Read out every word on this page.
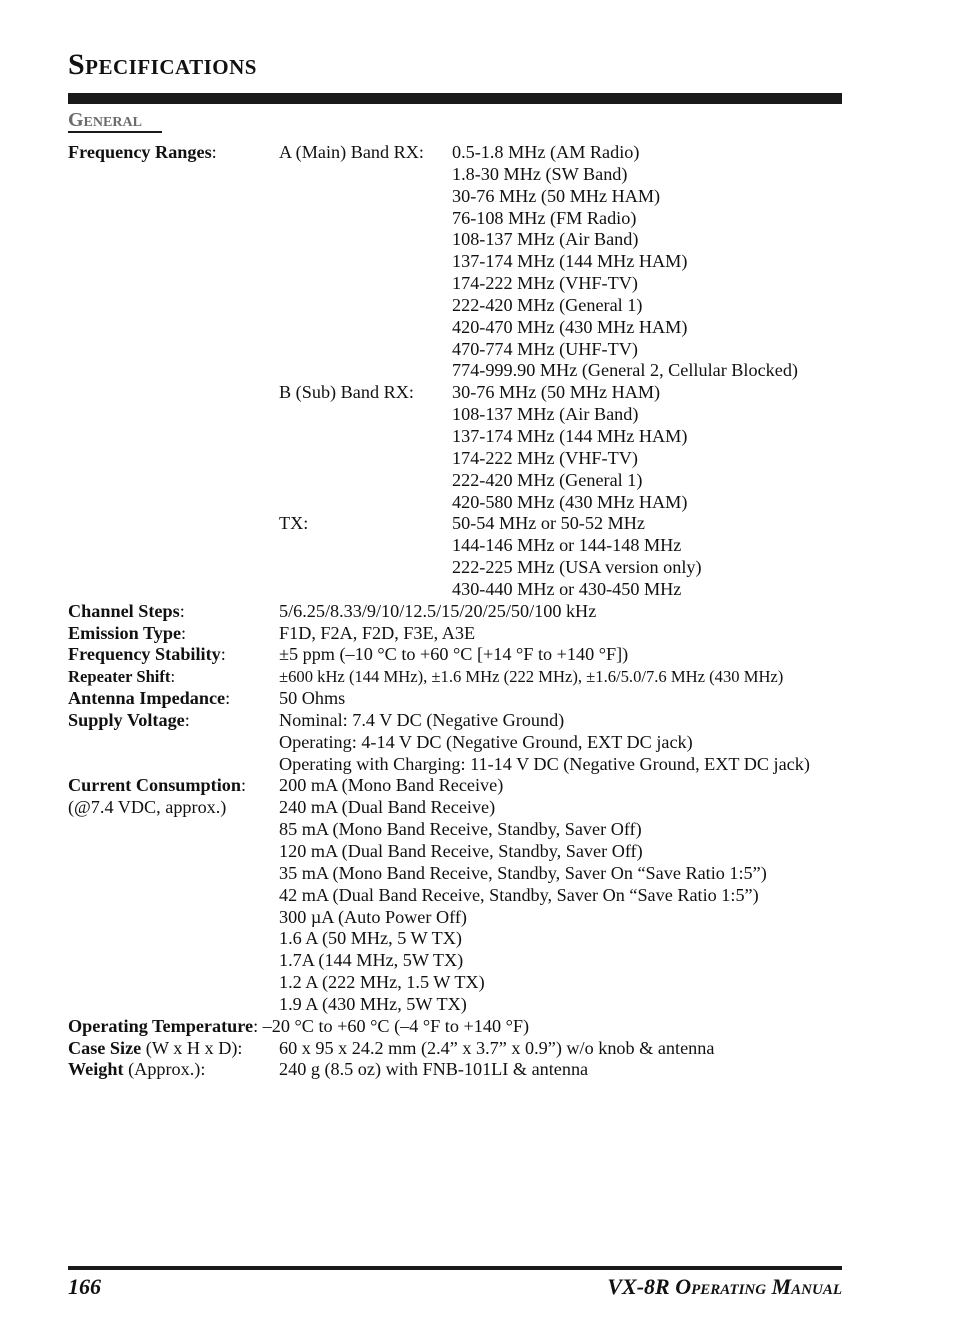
Specifications
General
Frequency Ranges:	A (Main) Band RX:	0.5-1.8 MHz (AM Radio)
1.8-30 MHz (SW Band)
30-76 MHz (50 MHz HAM)
76-108 MHz (FM Radio)
108-137 MHz (Air Band)
137-174 MHz (144 MHz HAM)
174-222 MHz (VHF-TV)
222-420 MHz (General 1)
420-470 MHz (430 MHz HAM)
470-774 MHz (UHF-TV)
774-999.90 MHz (General 2, Cellular Blocked)
B (Sub) Band RX:	30-76 MHz (50 MHz HAM)
108-137 MHz (Air Band)
137-174 MHz (144 MHz HAM)
174-222 MHz (VHF-TV)
222-420 MHz (General 1)
420-580 MHz (430 MHz HAM)
TX:	50-54 MHz or 50-52 MHz
144-146 MHz or 144-148 MHz
222-225 MHz (USA version only)
430-440 MHz or 430-450 MHz
Channel Steps:	5/6.25/8.33/9/10/12.5/15/20/25/50/100 kHz
Emission Type:	F1D, F2A, F2D, F3E, A3E
Frequency Stability:	±5 ppm (–10 °C to +60 °C [+14 °F to +140 °F])
Repeater Shift:	±600 kHz (144 MHz), ±1.6 MHz (222 MHz), ±1.6/5.0/7.6 MHz (430 MHz)
Antenna Impedance:	50 Ohms
Supply Voltage:	Nominal: 7.4 V DC (Negative Ground)
Operating: 4-14 V DC (Negative Ground, EXT DC jack)
Operating with Charging: 11-14 V DC (Negative Ground, EXT DC jack)
Current Consumption:	200 mA (Mono Band Receive)
(@7.4 VDC, approx.)	240 mA (Dual Band Receive)
85 mA (Mono Band Receive, Standby, Saver Off)
120 mA (Dual Band Receive, Standby, Saver Off)
35 mA (Mono Band Receive, Standby, Saver On “Save Ratio 1:5”)
42 mA (Dual Band Receive, Standby, Saver On “Save Ratio 1:5”)
300 µA (Auto Power Off)
1.6 A (50 MHz, 5 W TX)
1.7A (144 MHz, 5W TX)
1.2 A (222 MHz, 1.5 W TX)
1.9 A (430 MHz, 5W TX)
Operating Temperature: –20 °C to +60 °C (–4 °F to +140 °F)
Case Size (W x H x D):	60 x 95 x 24.2 mm (2.4” x 3.7” x 0.9”) w/o knob & antenna
Weight (Approx.):	240 g (8.5 oz) with FNB-101LI & antenna
166	VX-8R Operating Manual
